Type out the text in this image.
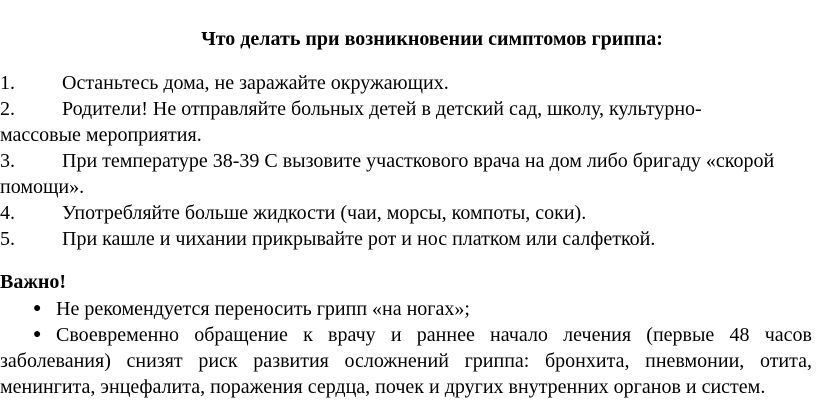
Что делать при возникновении симптомов гриппа:
1. Останьтесь дома, не заражайте окружающих.
2. Родители! Не отправляйте больных детей в детский сад, школу, культурно-
массовые мероприятия.
3. При температуре 38-39 С вызовите участкового врача на дом либо бригаду «скорой
помощи».
4. Употребляйте больше жидкости (чаи, морсы, компоты, соки).
5. При кашле и чихании прикрывайте рот и нос платком или салфеткой.
Важно!
● Не рекомендуется переносить грипп «на ногах»;
● Своевременно обращение к врачу и раннее начало лечения (первые 48 часов
заболевания) снизят риск развития осложнений гриппа: бронхита, пневмонии, отита,
менингита, энцефалита, поражения сердца, почек и других внутренних органов и систем.
